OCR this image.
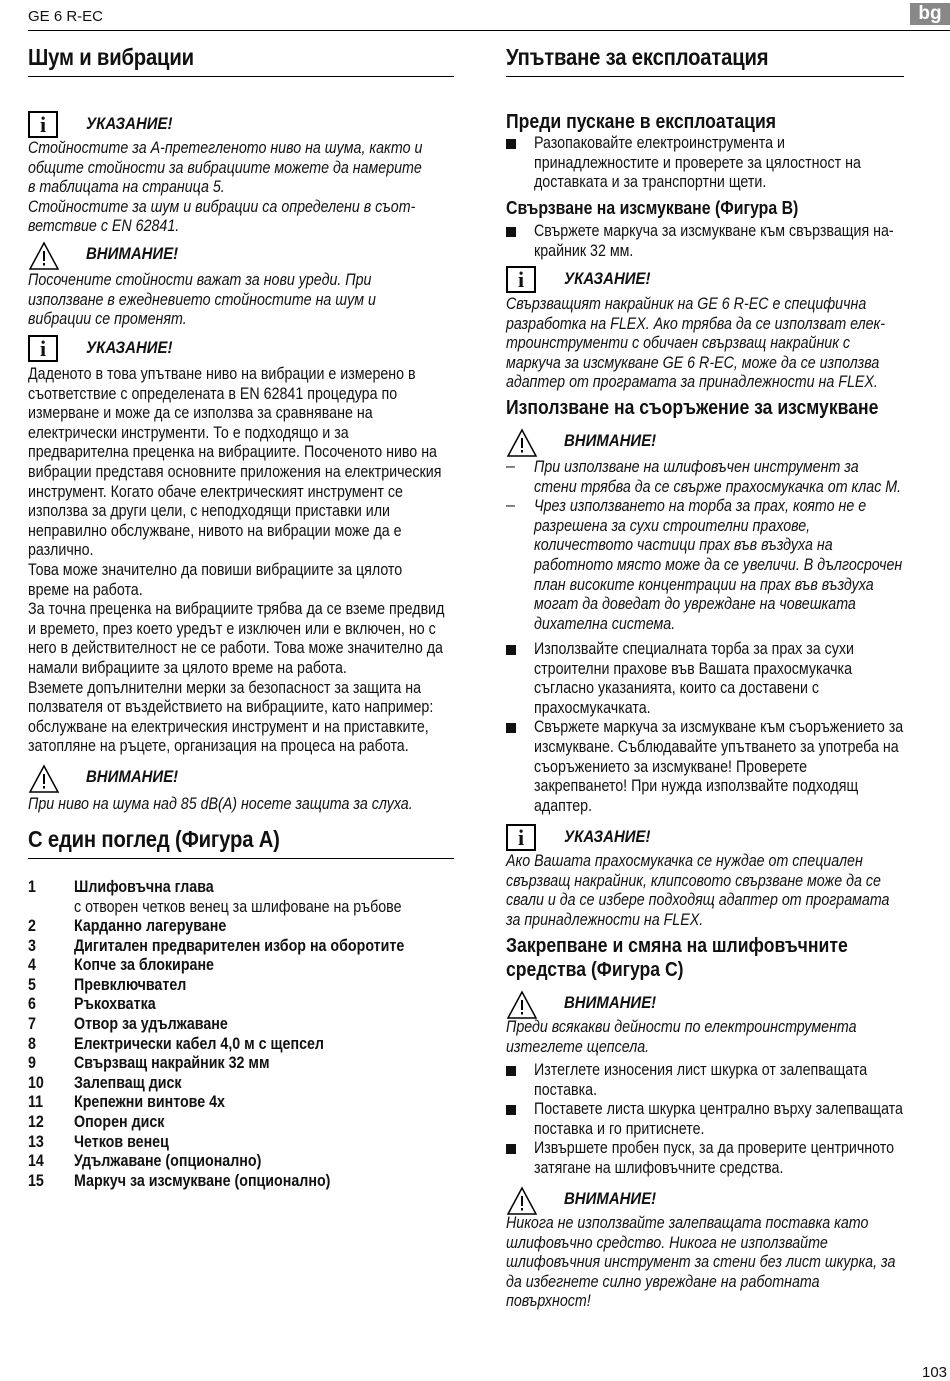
GE 6 R-EC	bg
Шум и вибрации
i	УКАЗАНИЕ!
Стойностите за А-претегленото ниво на шума, както и
общите стойности за вибрациите можете да намерите
в таблицата на страница 5.
Стойностите за шум и вибрации са определени в съот-
ветствие с EN 62841.
ВНИМАНИЕ!
Посочените стойности важат за нови уреди. При
използване в ежедневието стойностите на шум и
вибрации се променят.
i	УКАЗАНИЕ!
Даденото в това упътване ниво на вибрации е измерено в
съответствие с определената в EN 62841 процедура по
измерване и може да се използва за сравняване на
електрически инструменти. То е подходящо и за
предварителна преценка на вибрациите. Посоченото ниво на
вибрации представя основните приложения на електрическия
инструмент. Когато обаче електрическият инструмент се
използва за други цели, с неподходящи приставки или
неправилно обслужване, нивото на вибрации може да е
различно.
Това може значително да повиши вибрациите за цялото
време на работа.
За точна преценка на вибрациите трябва да се вземе предвид
и времето, през което уредът е изключен или е включен, но с
него в действителност не се работи. Това може значително да
намали вибрациите за цялото време на работа.
Вземете допълнителни мерки за безопасност за защита на
ползвателя от въздействието на вибрациите, като например:
обслужване на електрическия инструмент и на приставките,
затопляне на ръцете, организация на процеса на работа.
ВНИМАНИЕ!
При ниво на шума над 85 dB(A) носете защита за слуха.
С един поглед (Фигура А)
1 Шлифовъчна глава
с отворен четков венец за шлифоване на ръбове
2 Карданно лагеруване
3 Дигитален предварителен избор на оборотите
4 Копче за блокиране
5 Превключвател
6 Ръкохватка
7 Отвор за удължаване
8 Електрически кабел 4,0 м с щепсел
9 Свързващ накрайник 32 мм
10 Залепващ диск
11 Крепежни винтове 4х
12 Опорен диск
13 Четков венец
14 Удължаване (опционално)
15 Маркуч за изсмукване (опционално)
Упътване за експлоатация
Преди пускане в експлоатация
Разопаковайте електроинструмента и
принадлежностите и проверете за цялостност на
доставката и за транспортни щети.
Свързване на изсмукване (Фигура В)
Свържете маркуча за изсмукване към свързващия на-
крайник 32 мм.
i	УКАЗАНИЕ!
Свързващият накрайник на GE 6 R-EC е специфична
разработка на FLEX. Ако трябва да се използват елек-
троинструменти с обичаен свързващ накрайник с
маркуча за изсмукване GE 6 R-EC, може да се използва
адаптер от програмата за принадлежности на FLEX.
Използване на съоръжение за изсмукване
ВНИМАНИЕ!
– При използване на шлифовъчен инструмент за
стени трябва да се свърже прахосмукачка от клас М.
– Чрез използването на торба за прах, която не е
разрешена за сухи строителни прахове,
количеството частици прах във въздуха на
работното място може да се увеличи. В дългосрочен
план високите концентрации на прах във въздуха
могат да доведат до увреждане на човешката
дихателна система.
Използвайте специалната торба за прах за сухи
строителни прахове във Вашата прахосмукачка
съгласно указанията, които са доставени с
прахосмукачката.
Свържете маркуча за изсмукване към съоръжението за
изсмукване. Съблюдавайте упътването за употреба на
съоръжението за изсмукване! Проверете
закрепването! При нужда използвайте подходящ
адаптер.
i	УКАЗАНИЕ!
Ако Вашата прахосмукачка се нуждае от специален
свързващ накрайник, клипсовото свързване може да се
свали и да се избере подходящ адаптер от програмата
за принадлежности на FLEX.
Закрепване и смяна на шлифовъчните
средства (Фигура С)
ВНИМАНИЕ!
Преди всякакви дейности по електроинструмента
изтеглете щепсела.
Изтеглете износения лист шкурка от залепващата
поставка.
Поставете листа шкурка централно върху залепващата
поставка и го притиснете.
Извършете пробен пуск, за да проверите центричното
затягане на шлифовъчните средства.
ВНИМАНИЕ!
Никога не използвайте залепващата поставка като
шлифовъчно средство. Никога не използвайте
шлифовъчния инструмент за стени без лист шкурка, за
да избегнете силно увреждане на работната
повърхност!
103
